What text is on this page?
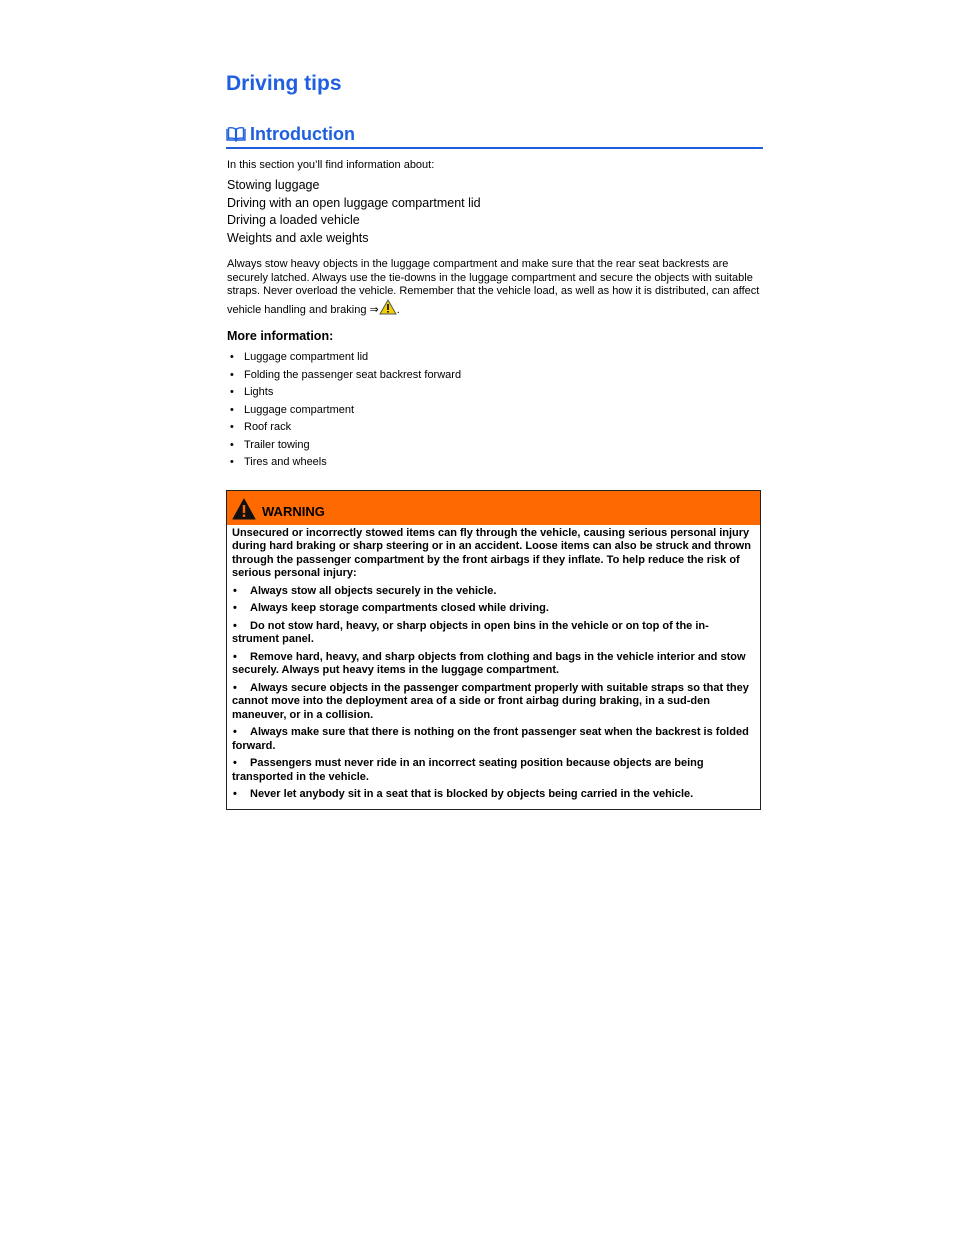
Driving tips
Introduction

In this section you’ll find information about:

Stowing luggage
Driving with an open luggage compartment lid
Driving a loaded vehicle
Weights and axle weights

Always stow heavy objects in the luggage compartment and make sure that the rear seat backrests are securely latched. Always use the tie-downs in the luggage compartment and secure the objects with suitable straps. Never overload the vehicle. Remember that the vehicle load, as well as how it is distributed, can affect vehicle handling and braking ⇒ .

More information:
• Luggage compartment lid
• Folding the passenger seat backrest forward
• Lights
• Luggage compartment
• Roof rack
• Trailer towing
• Tires and wheels
WARNING

Unsecured or incorrectly stowed items can fly through the vehicle, causing serious personal injury during hard braking or sharp steering or in an accident. Loose items can also be struck and thrown through the passenger compartment by the front airbags if they inflate. To help reduce the risk of serious personal injury:

• Always stow all objects securely in the vehicle.
• Always keep storage compartments closed while driving.
• Do not stow hard, heavy, or sharp objects in open bins in the vehicle or on top of the in-strument panel.
• Remove hard, heavy, and sharp objects from clothing and bags in the vehicle interior and stow securely. Always put heavy items in the luggage compartment.
• Always secure objects in the passenger compartment properly with suitable straps so that they cannot move into the deployment area of a side or front airbag during braking, in a sud-den maneuver, or in a collision.
• Always make sure that there is nothing on the front passenger seat when the backrest is folded forward.
• Passengers must never ride in an incorrect seating position because objects are being transported in the vehicle.
• Never let anybody sit in a seat that is blocked by objects being carried in the vehicle.
